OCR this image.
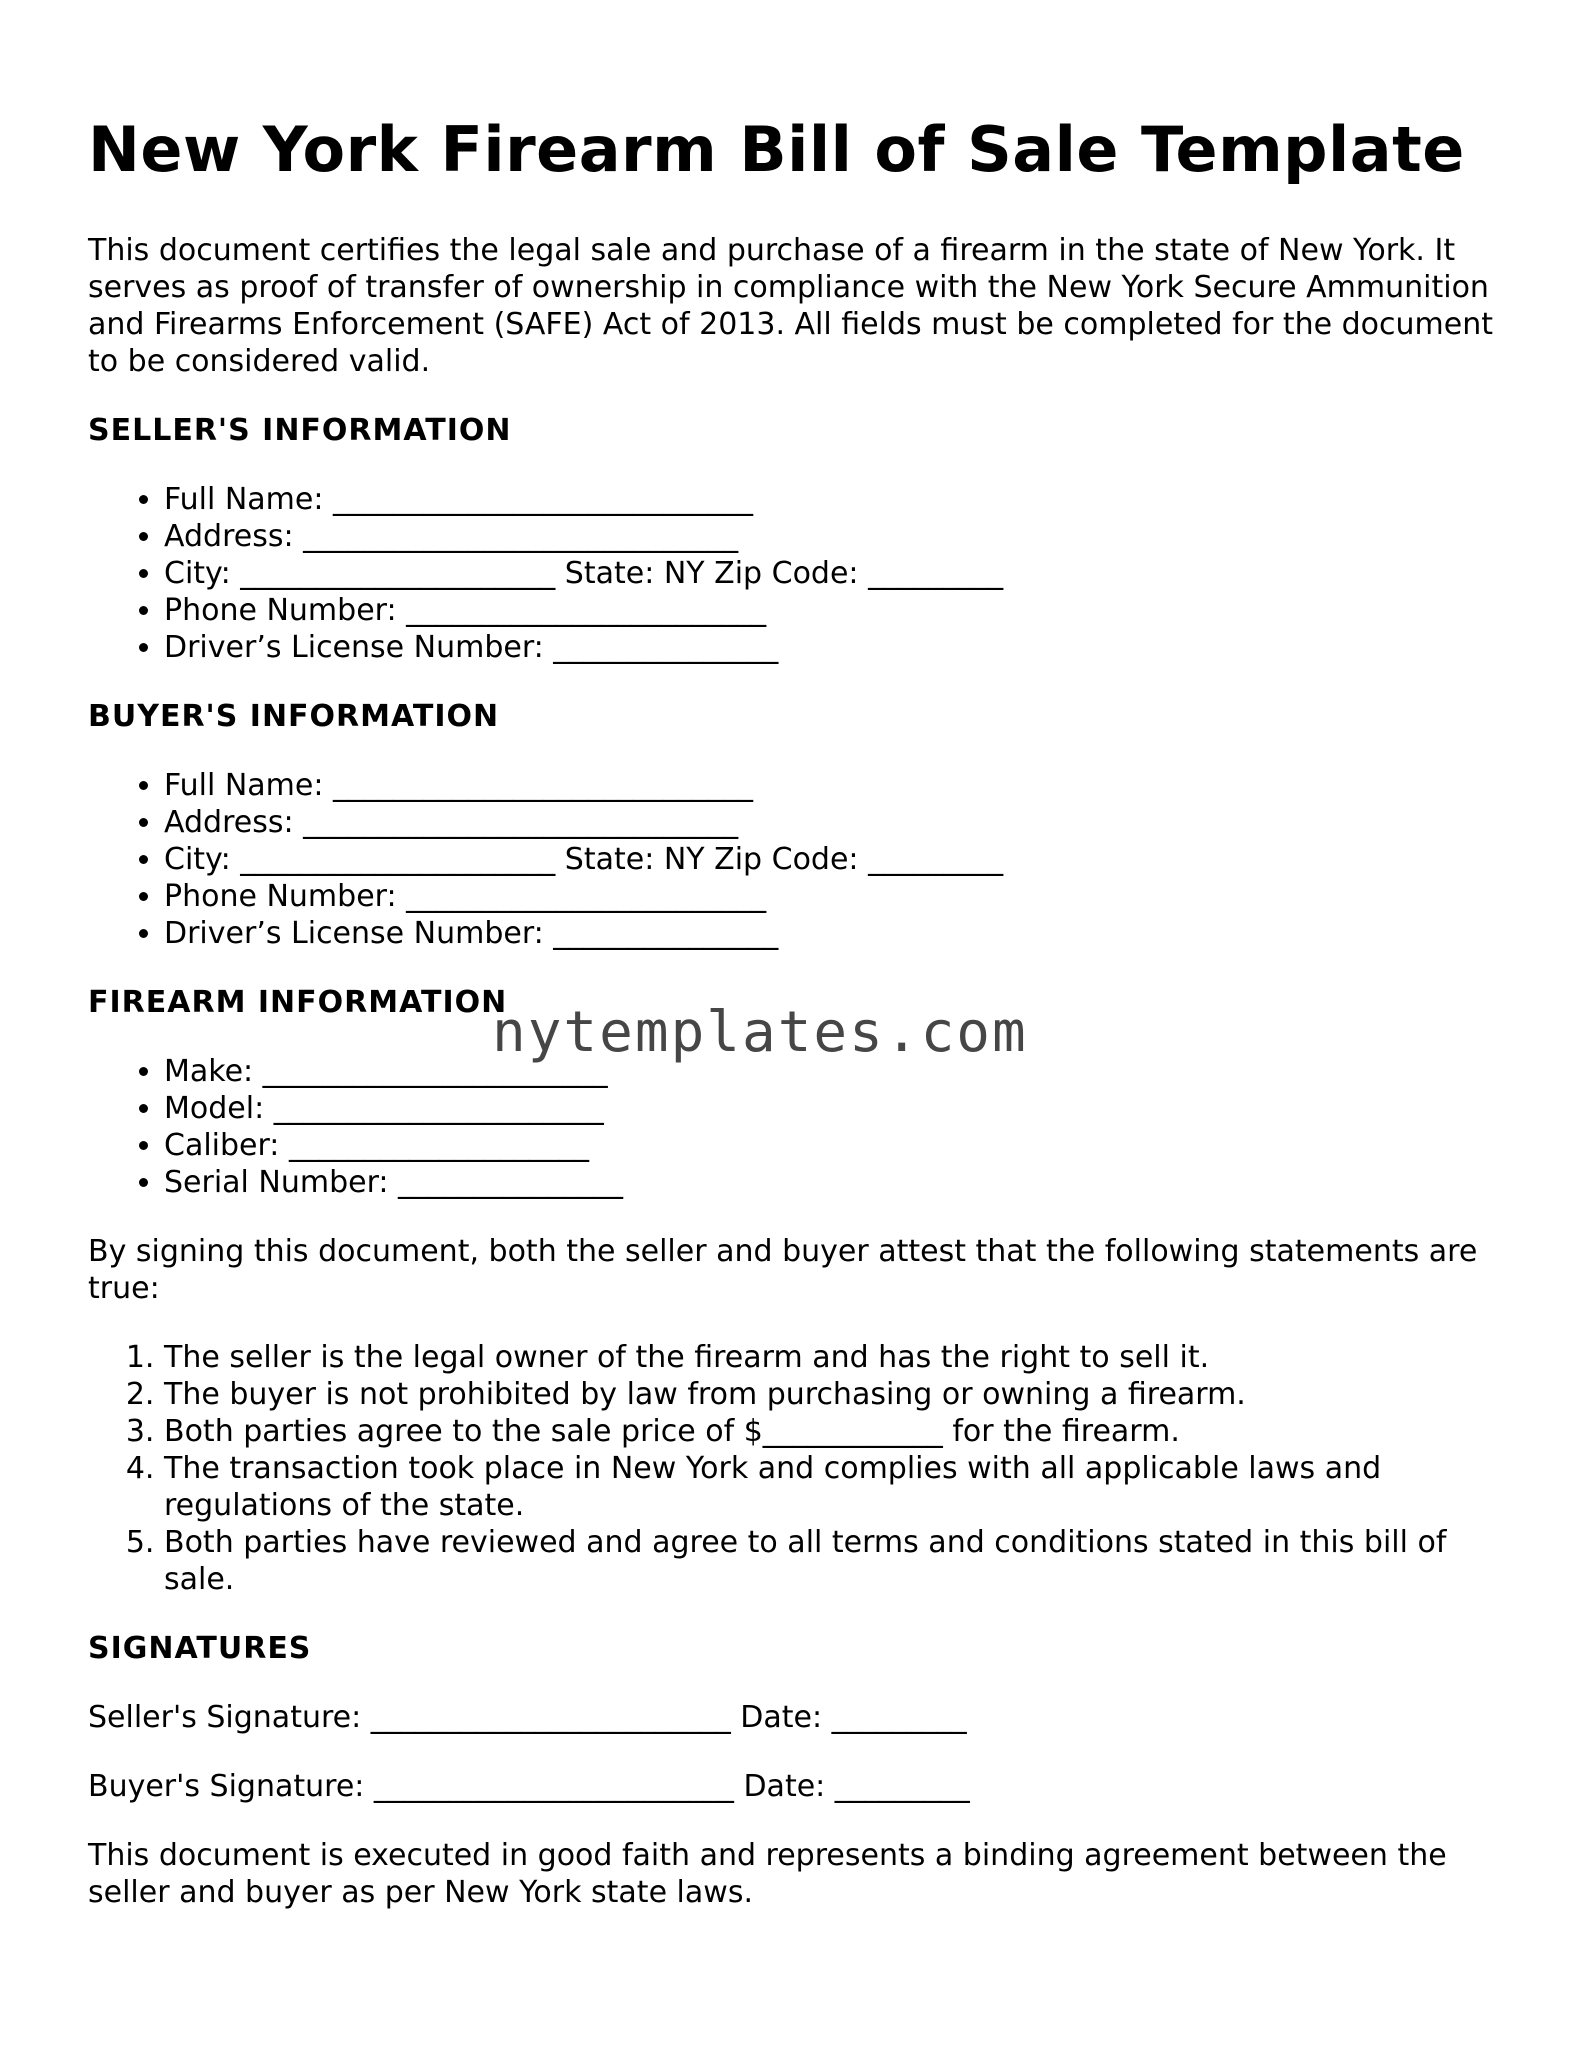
New York Firearm Bill of Sale Template

This document certifies the legal sale and purchase of a firearm in the state of New York. It serves as proof of transfer of ownership in compliance with the New York Secure Ammunition and Firearms Enforcement (SAFE) Act of 2013. All fields must be completed for the document to be considered valid.

SELLER'S INFORMATION
• Full Name: ____________________________
• Address: _____________________________
• City: _____________________ State: NY Zip Code: _________
• Phone Number: ________________________
• Driver’s License Number: _______________
BUYER'S INFORMATION
• Full Name: ____________________________
• Address: _____________________________
• City: _____________________ State: NY Zip Code: _________
• Phone Number: ________________________
• Driver’s License Number: _______________
FIREARM INFORMATION
• Make: _______________________
• Model: ______________________
• Caliber: ____________________
• Serial Number: _______________

By signing this document, both the seller and buyer attest that the following statements are true:

1. The seller is the legal owner of the firearm and has the right to sell it.
2. The buyer is not prohibited by law from purchasing or owning a firearm.
3. Both parties agree to the sale price of $____________ for the firearm.
4. The transaction took place in New York and complies with all applicable laws and regulations of the state.
5. Both parties have reviewed and agree to all terms and conditions stated in this bill of sale.
SIGNATURES
Seller's Signature: ________________________ Date: _________
Buyer's Signature: ________________________ Date: _________

This document is executed in good faith and represents a binding agreement between the seller and buyer as per New York state laws.

nytemplates.com
